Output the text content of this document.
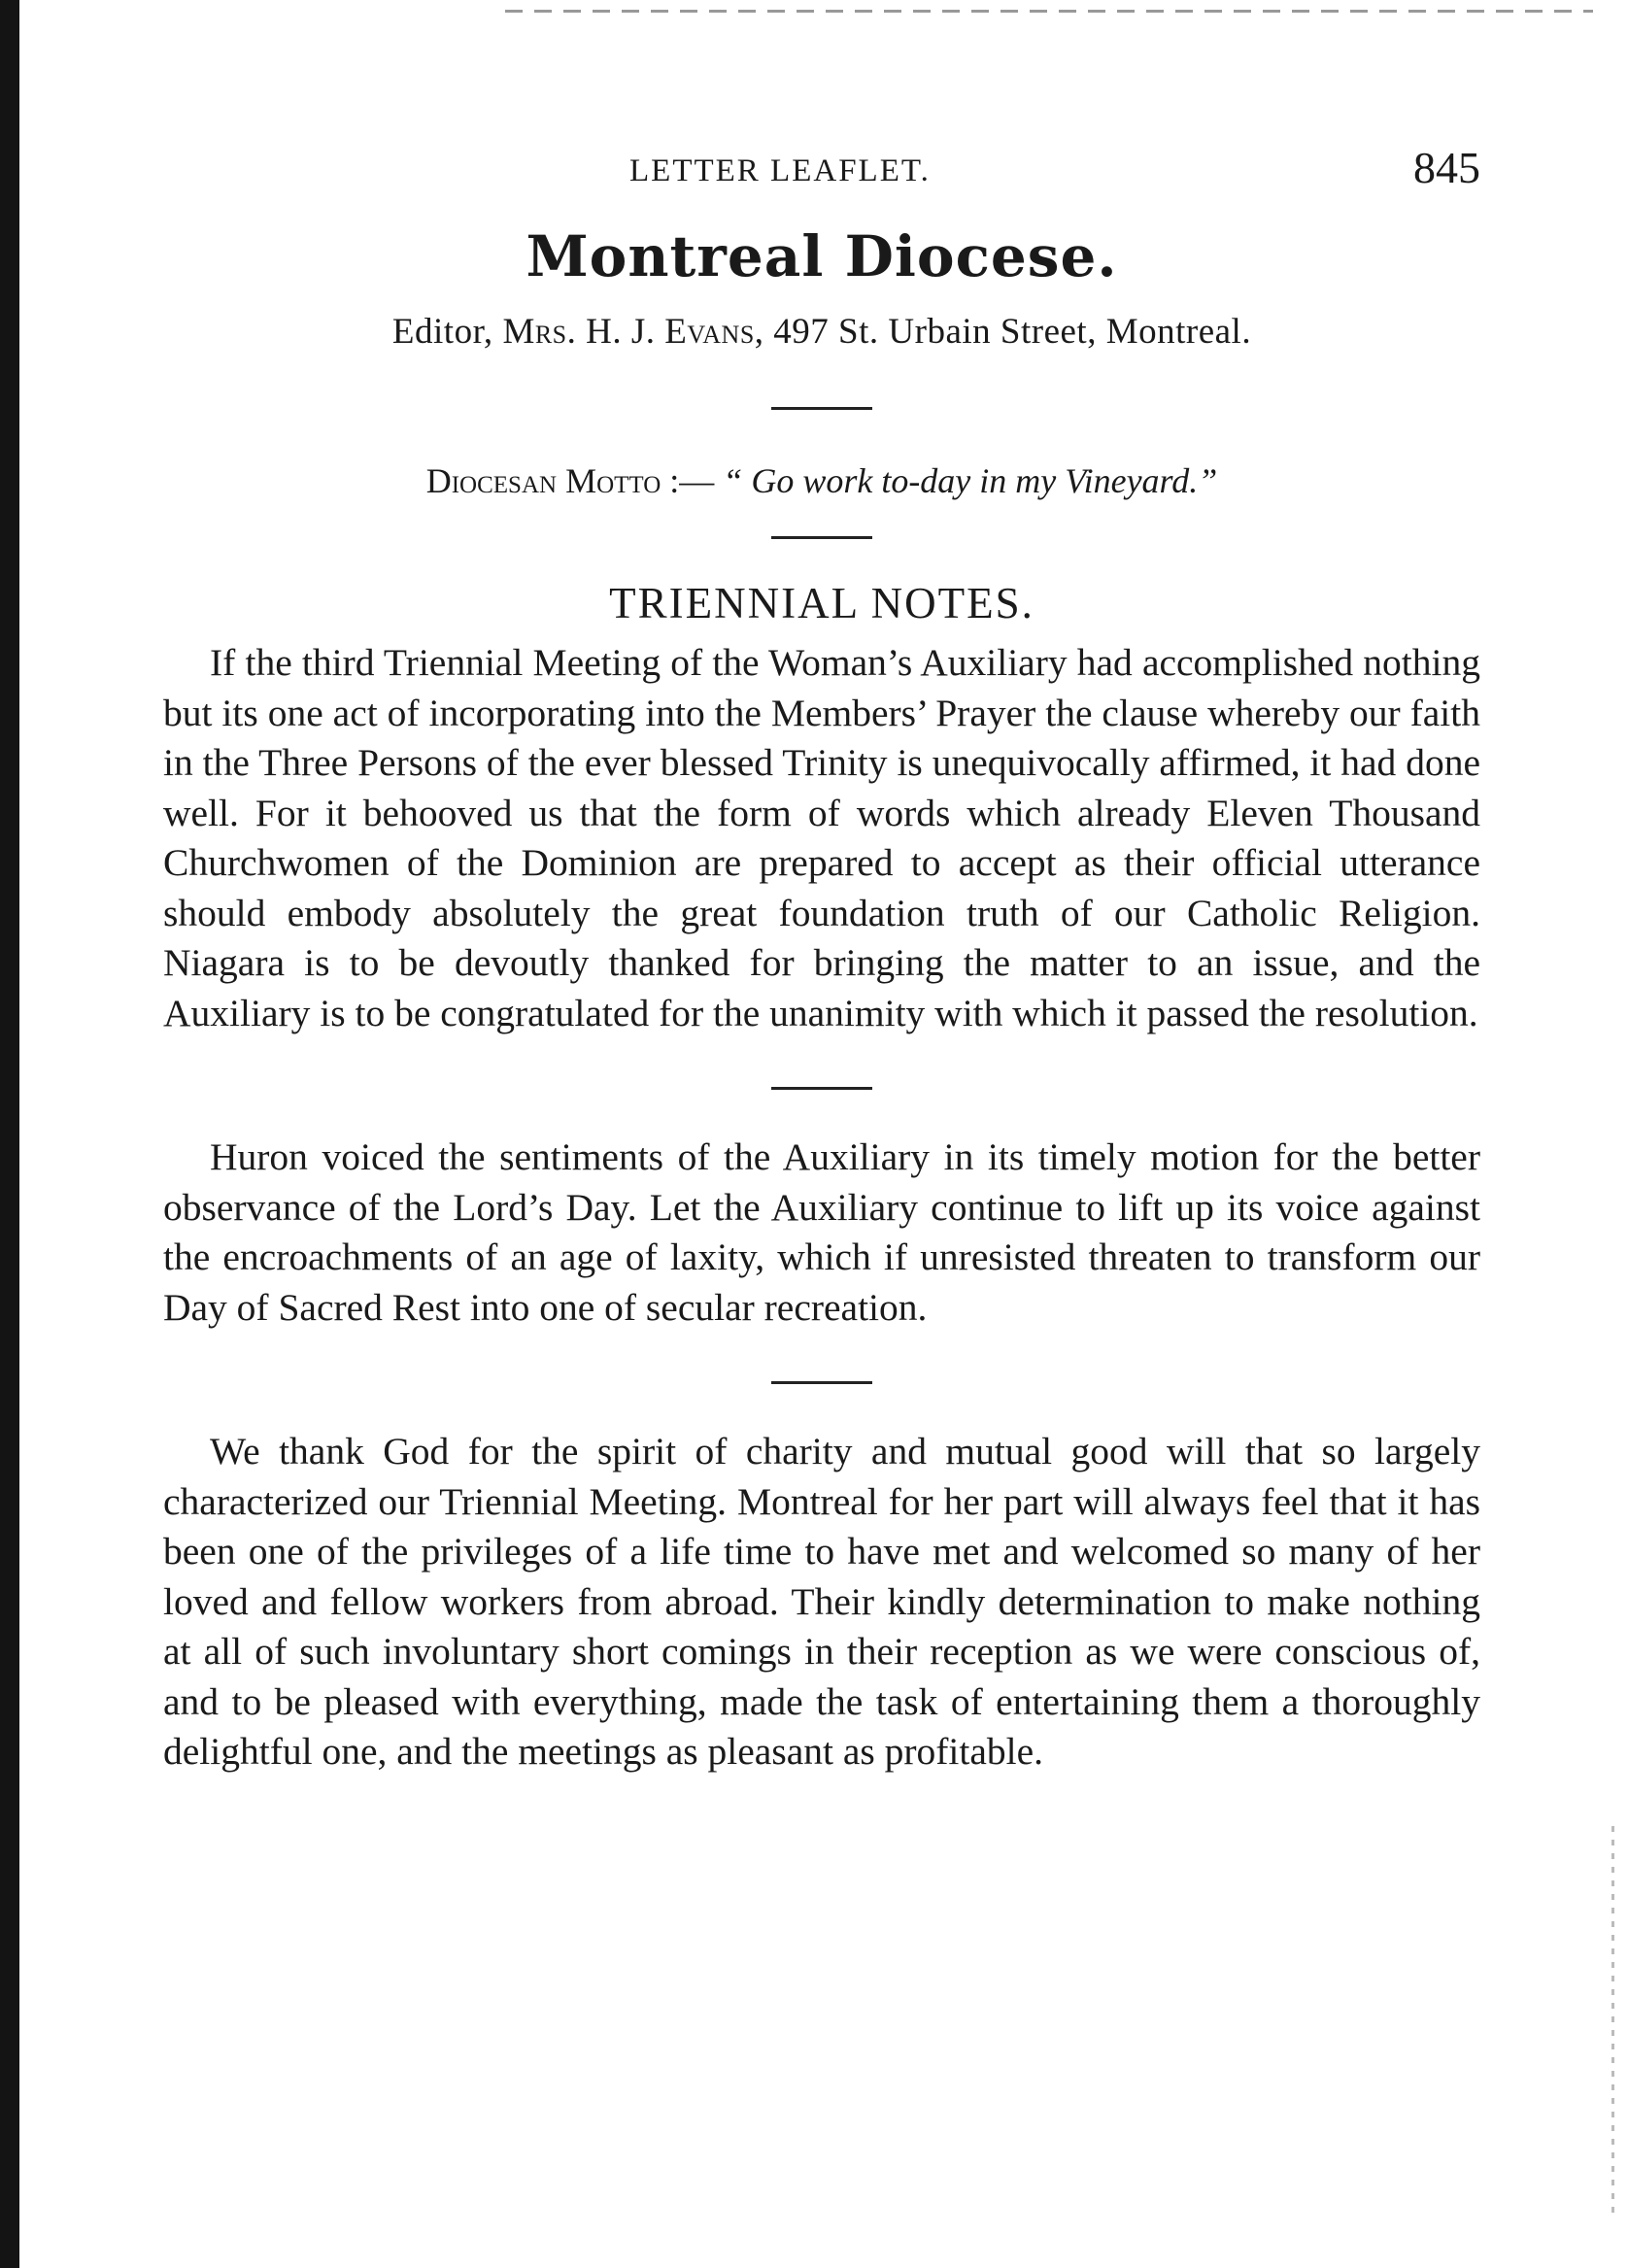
LETTER LEAFLET.	845
Montreal Diocese.
Editor, Mrs. H. J. Evans, 497 St. Urbain Street, Montreal.
Diocesan Motto :— “ Go work to-day in my Vineyard.”
TRIENNIAL NOTES.

If the third Triennial Meeting of the Woman’s Auxiliary had accomplished nothing but its one act of incorporating into the Members’ Prayer the clause whereby our faith in the Three Persons of the ever blessed Trinity is unequivocally affirmed, it had done well. For it behooved us that the form of words which already Eleven Thousand Churchwomen of the Dominion are prepared to accept as their official utterance should embody absolutely the great foundation truth of our Catholic Religion. Niagara is to be devoutly thanked for bringing the matter to an issue, and the Auxiliary is to be congratulated for the unanimity with which it passed the resolution.

Huron voiced the sentiments of the Auxiliary in its timely motion for the better observance of the Lord’s Day. Let the Auxiliary continue to lift up its voice against the encroachments of an age of laxity, which if unresisted threaten to transform our Day of Sacred Rest into one of secular recreation.

We thank God for the spirit of charity and mutual good will that so largely characterized our Triennial Meeting. Montreal for her part will always feel that it has been one of the privileges of a life time to have met and welcomed so many of her loved and fellow workers from abroad. Their kindly determination to make nothing at all of such involuntary short comings in their reception as we were conscious of, and to be pleased with everything, made the task of entertaining them a thoroughly delightful one, and the meetings as pleasant as profitable.
